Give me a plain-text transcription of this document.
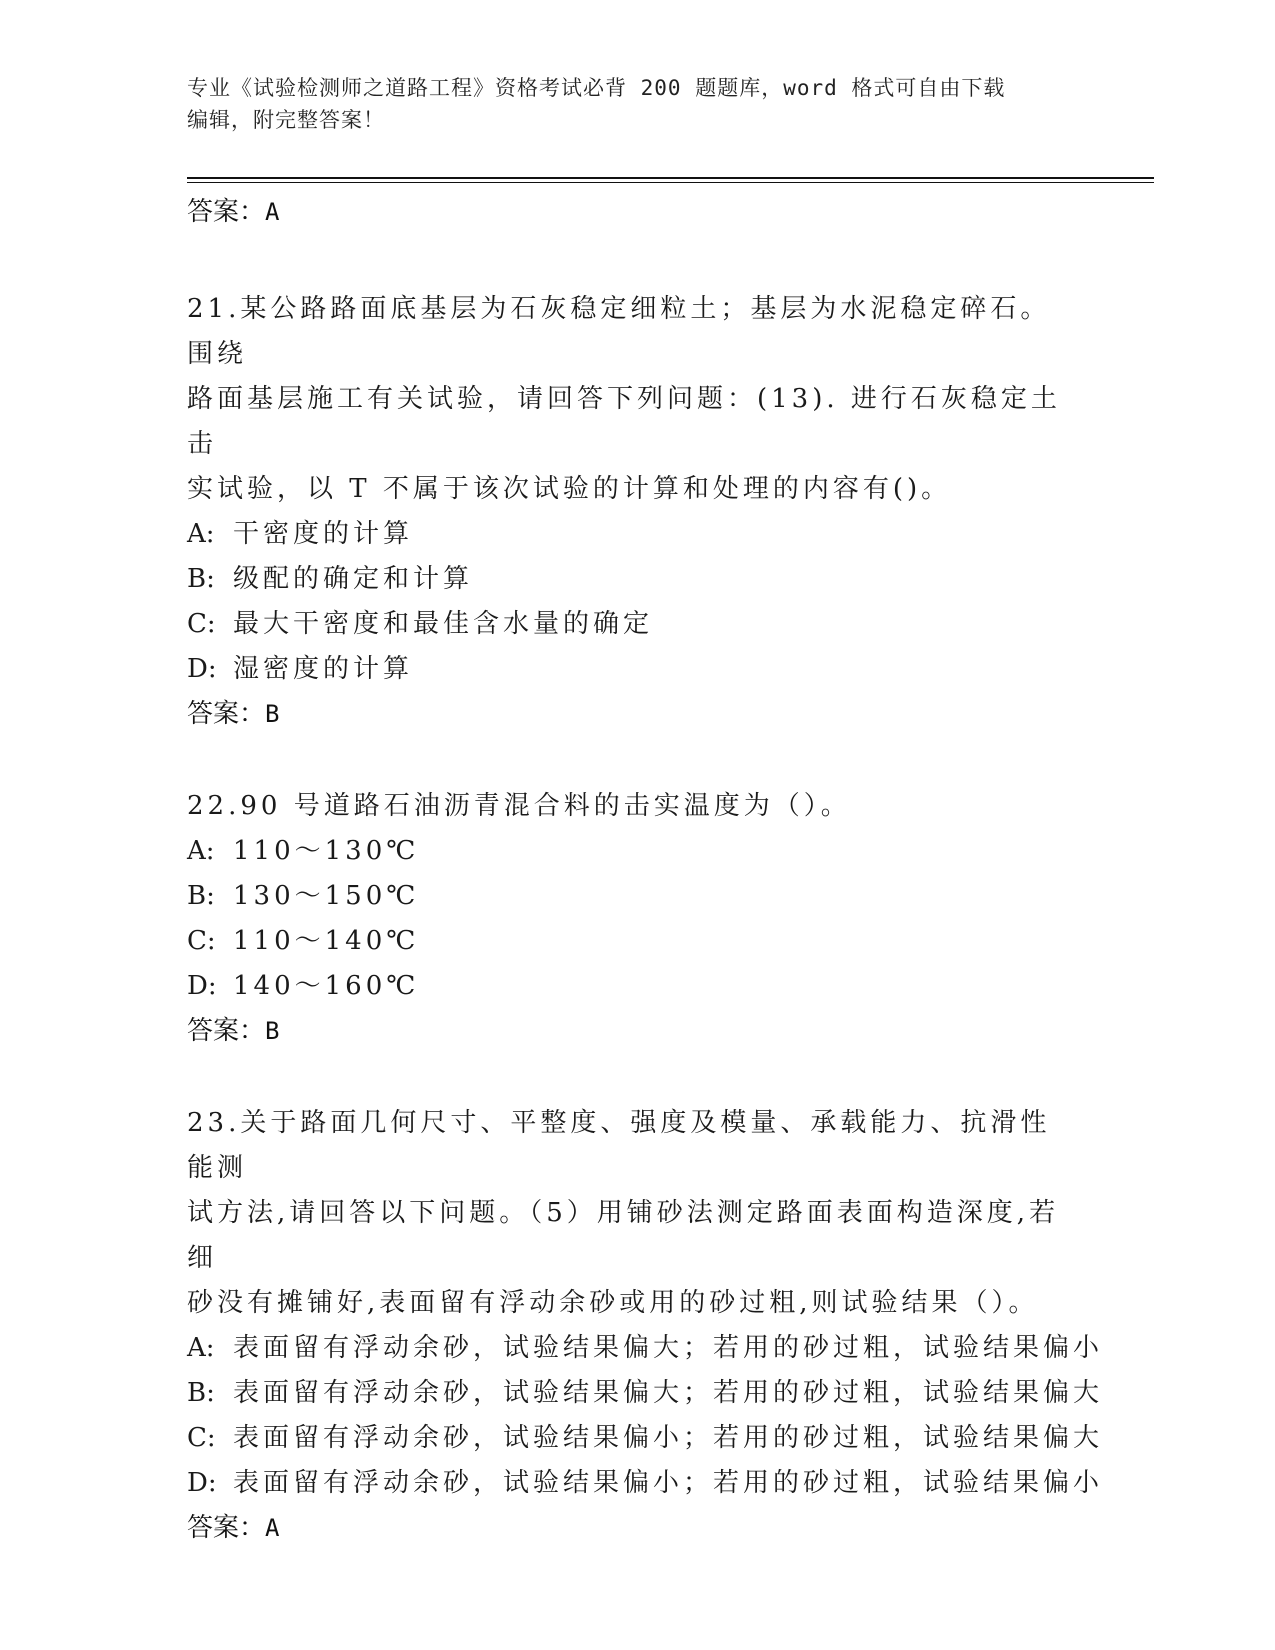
专业《试验检测师之道路工程》资格考试必背 200 题题库，word 格式可自由下载
编辑，附完整答案！
答案：A
21.某公路路面底基层为石灰稳定细粒土；基层为水泥稳定碎石。围绕
路面基层施工有关试验，请回答下列问题：(13). 进行石灰稳定土击
实试验，以 T 不属于该次试验的计算和处理的内容有()。
A: 干密度的计算
B: 级配的确定和计算
C: 最大干密度和最佳含水量的确定
D: 湿密度的计算
答案：B
22.90 号道路石油沥青混合料的击实温度为（）。
A: 110～130℃
B: 130～150℃
C: 110～140℃
D: 140～160℃
答案：B
23.关于路面几何尺寸、平整度、强度及模量、承载能力、抗滑性能测
试方法,请回答以下问题。（5）用铺砂法测定路面表面构造深度,若细
砂没有摊铺好,表面留有浮动余砂或用的砂过粗,则试验结果（）。
A: 表面留有浮动余砂，试验结果偏大；若用的砂过粗，试验结果偏小
B: 表面留有浮动余砂，试验结果偏大；若用的砂过粗，试验结果偏大
C: 表面留有浮动余砂，试验结果偏小；若用的砂过粗，试验结果偏大
D: 表面留有浮动余砂，试验结果偏小；若用的砂过粗，试验结果偏小
答案：A
